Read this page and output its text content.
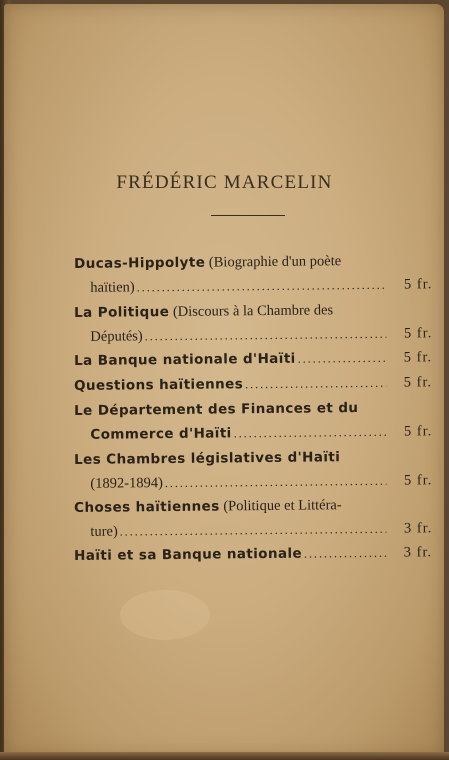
FRÉDÉRIC MARCELIN
Ducas-Hippolyte
(Biographie d'un poète
haïtien) .....	5 fr.
La Politique
(Discours à la Chambre des
Députés) .....	5 fr.
La Banque nationale d'Haïti .....	5 fr.
Questions haïtiennes .....	5 fr.
Le Département des Finances et du
Commerce d'Haïti .....	5 fr.
Les Chambres législatives d'Haïti
(1892-1894) .....	5 fr.
Choses haïtiennes
(Politique et Littéra-
ture) .....	3 fr.
Haïti et sa Banque nationale .....	3 fr.
